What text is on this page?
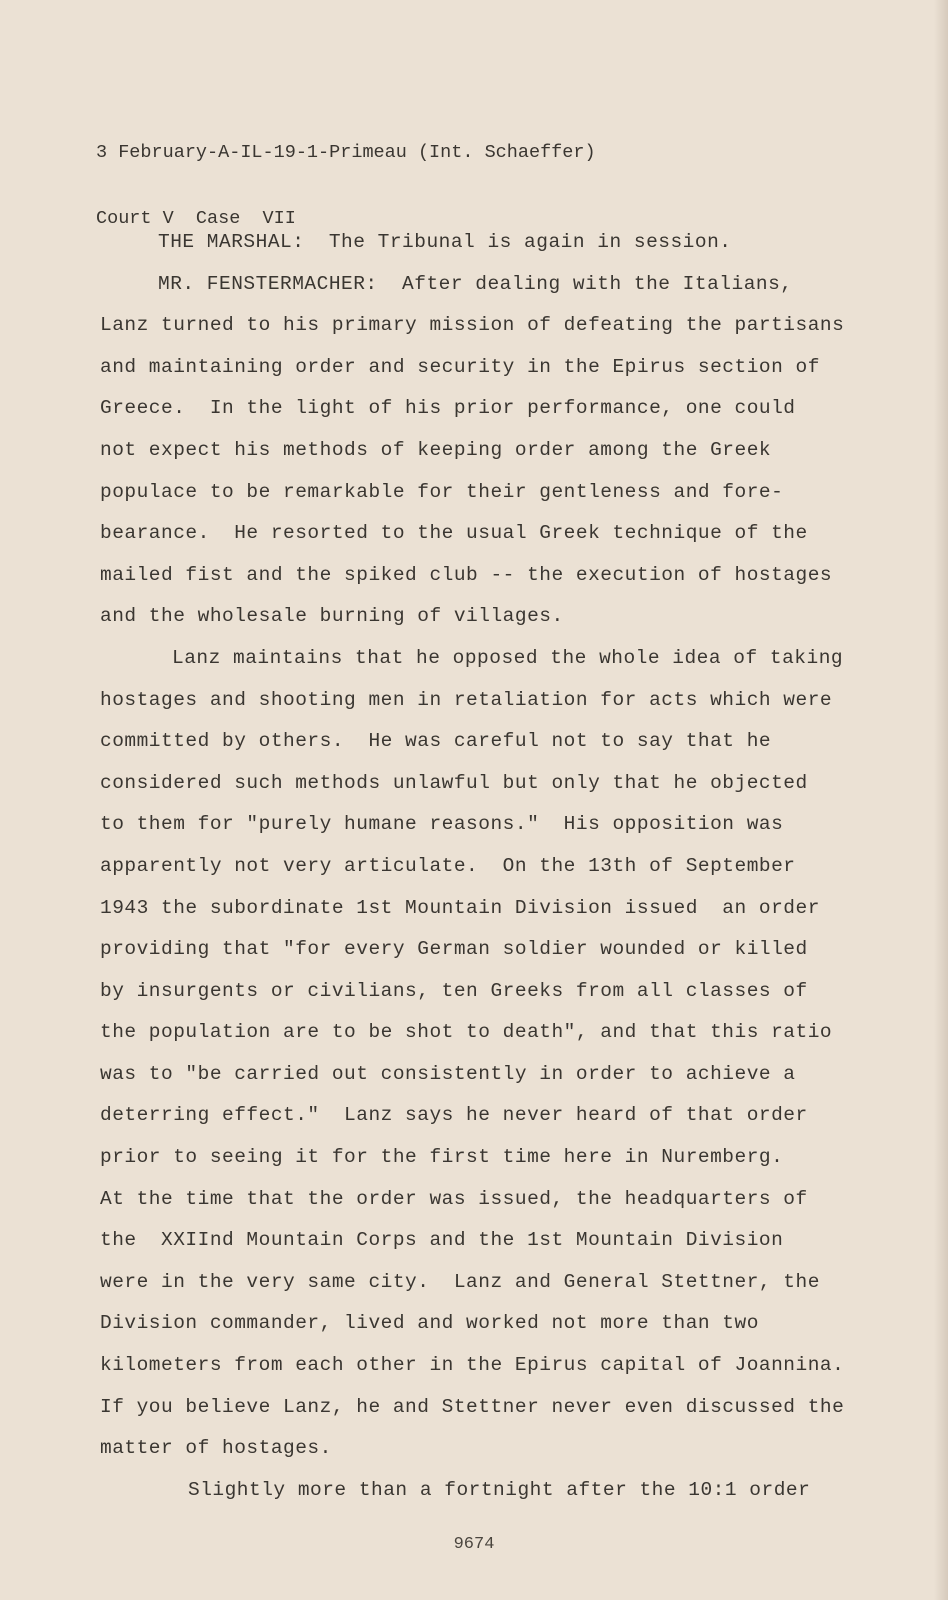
3 February-A-IL-19-1-Primeau (Int. Schaeffer)

Court V  Case  VII

THE MARSHAL:  The Tribunal is again in session.
MR. FENSTERMACHER:  After dealing with the Italians,
Lanz turned to his primary mission of defeating the partisans
and maintaining order and security in the Epirus section of
Greece.  In the light of his prior performance, one could
not expect his methods of keeping order among the Greek
populace to be remarkable for their gentleness and fore-
bearance.  He resorted to the usual Greek technique of the
mailed fist and the spiked club -- the execution of hostages
and the wholesale burning of villages.
Lanz maintains that he opposed the whole idea of taking
hostages and shooting men in retaliation for acts which were
committed by others.  He was careful not to say that he
considered such methods unlawful but only that he objected
to them for "purely humane reasons."  His opposition was
apparently not very articulate.  On the 13th of September
1943 the subordinate 1st Mountain Division issued  an order
providing that "for every German soldier wounded or killed
by insurgents or civilians, ten Greeks from all classes of
the population are to be shot to death", and that this ratio
was to "be carried out consistently in order to achieve a
deterring effect."  Lanz says he never heard of that order
prior to seeing it for the first time here in Nuremberg.
At the time that the order was issued, the headquarters of
the  XXIInd Mountain Corps and the 1st Mountain Division
were in the very same city.  Lanz and General Stettner, the
Division commander, lived and worked not more than two
kilometers from each other in the Epirus capital of Joannina.
If you believe Lanz, he and Stettner never even discussed the
matter of hostages.
Slightly more than a fortnight after the 10:1 order
9674
